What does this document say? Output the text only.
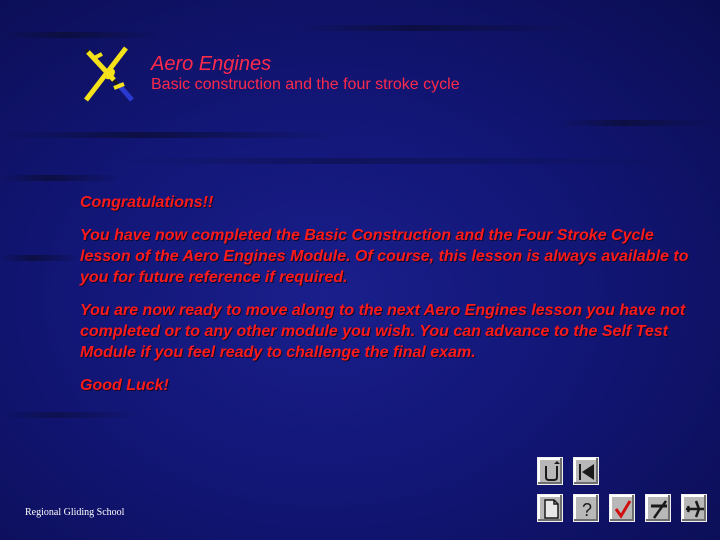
Aero Engines
Basic construction and the four stroke cycle

Congratulations!!

You have now completed the Basic Construction and the Four Stroke Cycle lesson of the Aero Engines Module. Of course, this lesson is always available to you for future reference if required.

You are now ready to move along to the next Aero Engines lesson you have not completed or to any other module you wish. You can advance to the Self Test Module if you feel ready to challenge the final exam.

Good Luck!

Regional Gliding School	?
